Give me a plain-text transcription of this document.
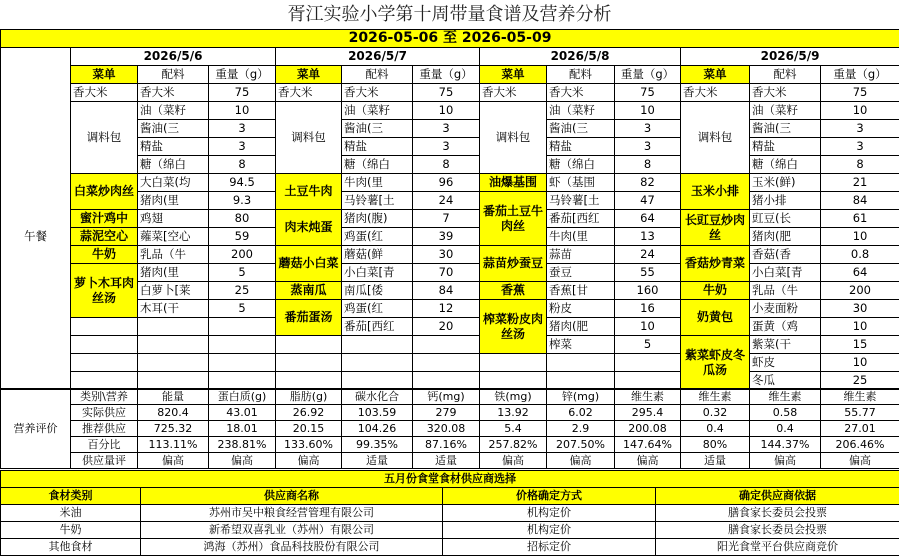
胥江实验小学第十周带量食谱及营养分析
2026-05-06 至 2026-05-09												
	2026/5/6			2026/5/7			2026/5/8			2026/5/9		
	菜单	配料	重量（g）	菜单	配料	重量（g）	菜单	配料	重量（g）	菜单	配料	重量（g）
午餐	香大米	香大米	75	香大米	香大米	75	香大米	香大米	75	香大米	香大米	75
	调料包	油（菜籽	10	调料包	油（菜籽	10	调料包	油（菜籽	10	调料包	油（菜籽	10
		酱油(三	3		酱油(三	3		酱油(三	3		酱油(三	3
		精盐	3		精盐	3		精盐	3		精盐	3
		糖（绵白	8		糖（绵白	8		糖（绵白	8		糖（绵白	8
	白菜炒肉丝	大白菜(均	94.5	土豆牛肉	牛肉(里	96	油爆基围	虾（基围	82	玉米小排	玉米(鲜)	21
		猪肉(里	9.3		马铃薯[土	24	番茄土豆牛肉丝	马铃薯[土	47		猪小排	84
	蜜汁鸡中	鸡翅	80	肉末炖蛋	猪肉(腹)	7		番茄[西红	64	长豇豆炒肉丝	豇豆(长	61
	蒜泥空心	蕹菜[空心	59		鸡蛋(红	39		牛肉(里	13		猪肉(肥	10
	牛奶	乳品（牛	200	蘑菇小白菜	蘑菇(鲜	30	蒜苗炒蚕豆	蒜苗	24	香菇炒青菜	香菇(香	0.8
	萝卜木耳肉丝汤	猪肉(里	5		小白菜[青	70		蚕豆	55		小白菜[青	64
		白萝卜[莱	25	蒸南瓜	南瓜[倭	84	香蕉	香蕉[甘	160	牛奶	乳品（牛	200
		木耳(干	5	番茄蛋汤	鸡蛋(红	12	榨菜粉皮肉丝汤	粉皮	16	奶黄包	小麦面粉	30
					番茄[西红	20		猪肉(肥	10		蛋黄（鸡	10
								榨菜	5	紫菜虾皮冬瓜汤	紫菜(干	15
											虾皮	10
											冬瓜	25
营养评价	类别\营养	能量	蛋白质(g)	脂肪(g)	碳水化合	钙(mg)	铁(mg)	锌(mg)	维生素	维生素	维生素	维生素
	实际供应	820.4	43.01	26.92	103.59	279	13.92	6.02	295.4	0.32	0.58	55.77
	推荐供应	725.32	18.01	20.15	104.26	320.08	5.4	2.9	200.08	0.4	0.4	27.01
	百分比	113.11%	238.81%	133.60%	99.35%	87.16%	257.82%	207.50%	147.64%	80%	144.37%	206.46%
	供应量评	偏高	偏高	偏高	适量	适量	偏高	偏高	偏高	适量	偏高	偏高
五月份食堂食材供应商选择			
食材类别	供应商名称	价格确定方式	确定供应商依据
米油	苏州市吴中粮食经营管理有限公司	机构定价	膳食家长委员会投票
牛奶	新希望双喜乳业（苏州）有限公司	机构定价	膳食家长委员会投票
其他食材	鸿海（苏州）食品科技股份有限公司	招标定价	阳光食堂平台供应商竞价
